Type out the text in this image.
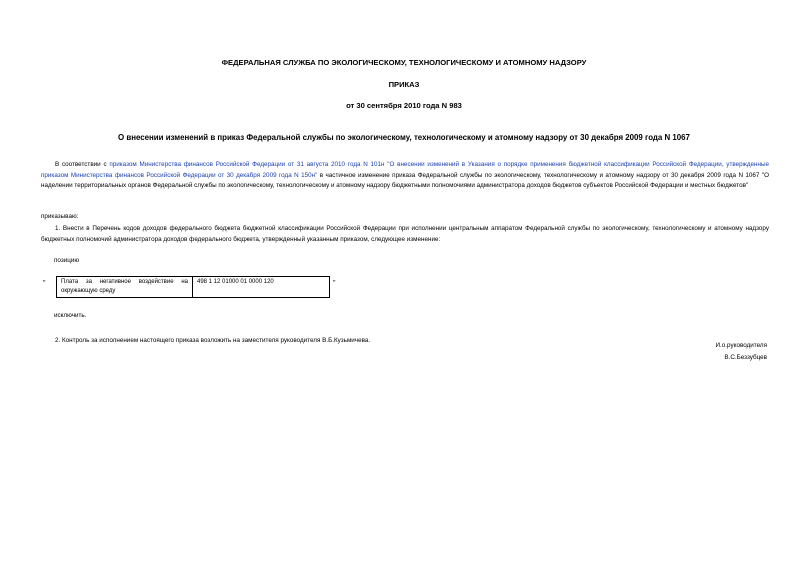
ФЕДЕРАЛЬНАЯ СЛУЖБА ПО ЭКОЛОГИЧЕСКОМУ, ТЕХНОЛОГИЧЕСКОМУ И АТОМНОМУ НАДЗОРУ
ПРИКАЗ
от 30 сентября 2010 года N 983
О внесении изменений в приказ Федеральной службы по экологическому, технологическому и атомному надзору от 30 декабря 2009 года N 1067
В соответствии с приказом Министерства финансов Российской Федерации от 31 августа 2010 года N 101н "О внесении изменений в Указания о порядке применения бюджетной классификации Российской Федерации, утвержденные приказом Министерства финансов Российской Федерации от 30 декабря 2009 года N 150н" в частичное изменение приказа Федеральной службы по экологическому, технологическому и атомному надзору от 30 декабря 2009 года N 1067 "О наделении территориальных органов Федеральной службы по экологическому, технологическому и атомному надзору бюджетными полномочиями администратора доходов бюджетов субъектов Российской Федерации и местных бюджетов"
приказываю:
1. Внести в Перечень кодов доходов федерального бюджета бюджетной классификации Российской Федерации при исполнении центральным аппаратом Федеральной службы по экологическому, технологическому и атомному надзору бюджетных полномочий администратора доходов федерального бюджета, утвержденный указанным приказом, следующее изменение:
позицию
"	Плата за негативное воздействие на окружающую среду
498 1 12 01000 01 0000 120	"
исключить.
2. Контроль за исполнением настоящего приказа возложить на заместителя руководителя В.Б.Кузьмичева.
И.о.руководителя
В.С.Беззубцев
